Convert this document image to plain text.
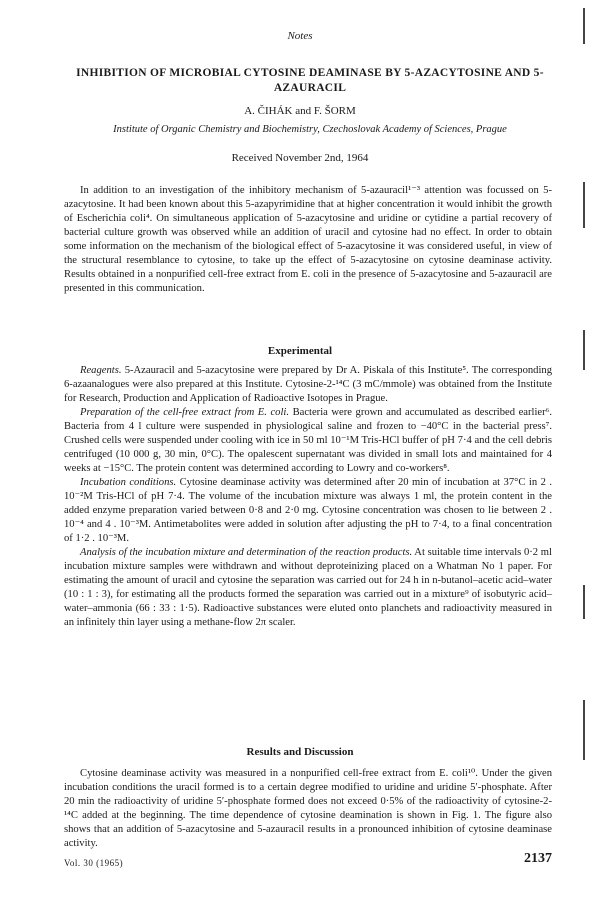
Notes
INHIBITION OF MICROBIAL CYTOSINE DEAMINASE BY 5-AZACYTOSINE AND 5-AZAURACIL
A. ČIHÁK and F. ŠORM
Institute of Organic Chemistry and Biochemistry, Czechoslovak Academy of Sciences, Prague
Received November 2nd, 1964

In addition to an investigation of the inhibitory mechanism of 5-azauracil¹⁻³ attention was focussed on 5-azacytosine. It had been known about this 5-azapyrimidine that at higher concentration it would inhibit the growth of Escherichia coli⁴. On simultaneous application of 5-azacytosine and uridine or cytidine a partial recovery of bacterial culture growth was observed while an addition of uracil and cytosine had no effect. In order to obtain some information on the mechanism of the biological effect of 5-azacytosine it was considered useful, in view of the structural resemblance to cytosine, to take up the effect of 5-azacytosine on cytosine deaminase activity. Results obtained in a nonpurified cell-free extract from E. coli in the presence of 5-azacytosine and 5-azauracil are presented in this communication.

Experimental

Reagents. 5-Azauracil and 5-azacytosine were prepared by Dr A. Piskala of this Institute⁵. The corresponding 6-azaanalogues were also prepared at this Institute. Cytosine-2-¹⁴C (3 mC/mmole) was obtained from the Institute for Research, Production and Application of Radioactive Isotopes in Prague.

Preparation of the cell-free extract from E. coli. Bacteria were grown and accumulated as described earlier⁶. Bacteria from 4 l culture were suspended in physiological saline and frozen to −40°C in the bacterial press⁷. Crushed cells were suspended under cooling with ice in 50 ml 10⁻¹M Tris-HCl buffer of pH 7·4 and the cell debris centrifuged (10 000 g, 30 min, 0°C). The opalescent supernatant was divided in small lots and maintained for 4 weeks at −15°C. The protein content was determined according to Lowry and co-workers⁸.

Incubation conditions. Cytosine deaminase activity was determined after 20 min of incubation at 37°C in 2 . 10⁻²M Tris-HCl of pH 7·4. The volume of the incubation mixture was always 1 ml, the protein content in the added enzyme preparation varied between 0·8 and 2·0 mg. Cytosine concentration was chosen to lie between 2 . 10⁻⁴ and 4 . 10⁻³M. Antimetabolites were added in solution after adjusting the pH to 7·4, to a final concentration of 1·2 . 10⁻³M.

Analysis of the incubation mixture and determination of the reaction products. At suitable time intervals 0·2 ml incubation mixture samples were withdrawn and without deproteinizing placed on a Whatman No 1 paper. For estimating the amount of uracil and cytosine the separation was carried out for 24 h in n-butanol–acetic acid–water (10 : 1 : 3), for estimating all the products formed the separation was carried out in a mixture⁹ of isobutyric acid–water–ammonia (66 : 33 : 1·5). Radioactive substances were eluted onto planchets and radioactivity measured in an infinitely thin layer using a methane-flow 2π scaler.

Results and Discussion

Cytosine deaminase activity was measured in a nonpurified cell-free extract from E. coli¹⁰. Under the given incubation conditions the uracil formed is to a certain degree modified to uridine and uridine 5′-phosphate. After 20 min the radioactivity of uridine 5′-phosphate formed does not exceed 0·5% of the radioactivity of cytosine-2-¹⁴C added at the beginning. The time dependence of cytosine deamination is shown in Fig. 1. The figure also shows that an addition of 5-azacytosine and 5-azauracil results in a pronounced inhibition of cytosine deaminase activity.

Vol. 30 (1965)	2137
